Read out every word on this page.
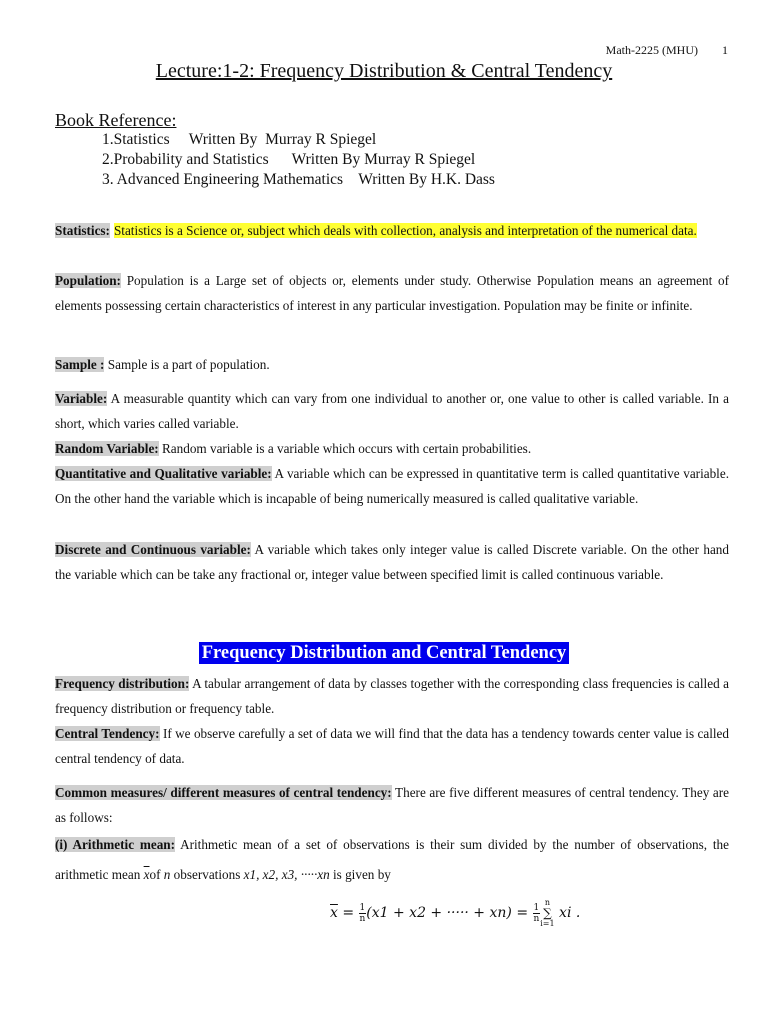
Math-2225 (MHU) 1
Lecture:1-2: Frequency Distribution & Central Tendency
Book Reference:
1.Statistics     Written By  Murray R Spiegel
2.Probability and Statistics      Written By Murray R Spiegel
3. Advanced Engineering Mathematics    Written By H.K. Dass
Statistics: Statistics is a Science or, subject which deals with collection, analysis and interpretation of the numerical data.
Population: Population is a Large set of objects or, elements under study. Otherwise Population means an agreement of elements possessing certain characteristics of interest in any particular investigation. Population may be finite or infinite.
Sample : Sample is a part of population.
Variable: A measurable quantity which can vary from one individual to another or, one value to other is called variable. In a short, which varies called variable.
Random Variable: Random variable is a variable which occurs with certain probabilities.
Quantitative and Qualitative variable: A variable which can be expressed in quantitative term is called quantitative variable. On the other hand the variable which is incapable of being numerically measured is called qualitative variable.
Discrete and Continuous variable: A variable which takes only integer value is called Discrete variable. On the other hand the variable which can be take any fractional or, integer value between specified limit is called continuous variable.
Frequency Distribution and Central Tendency
Frequency distribution: A tabular arrangement of data by classes together with the corresponding class frequencies is called a frequency distribution or frequency table.
Central Tendency: If we observe carefully a set of data we will find that the data has a tendency towards center value is called central tendency of data.
Common measures/ different measures of central tendency: There are five different measures of central tendency. They are as follows:
(i) Arithmetic mean: Arithmetic mean of a set of observations is their sum divided by the number of observations, the arithmetic mean $\overline{x}of$ n observations x1, x2, x3, ·····xn is given by
$\overline{x} = \frac{1}{n} (x1 + x2$ + ····· + $xn) = \frac{1}{n}$ n
∑
i=1
xi .
